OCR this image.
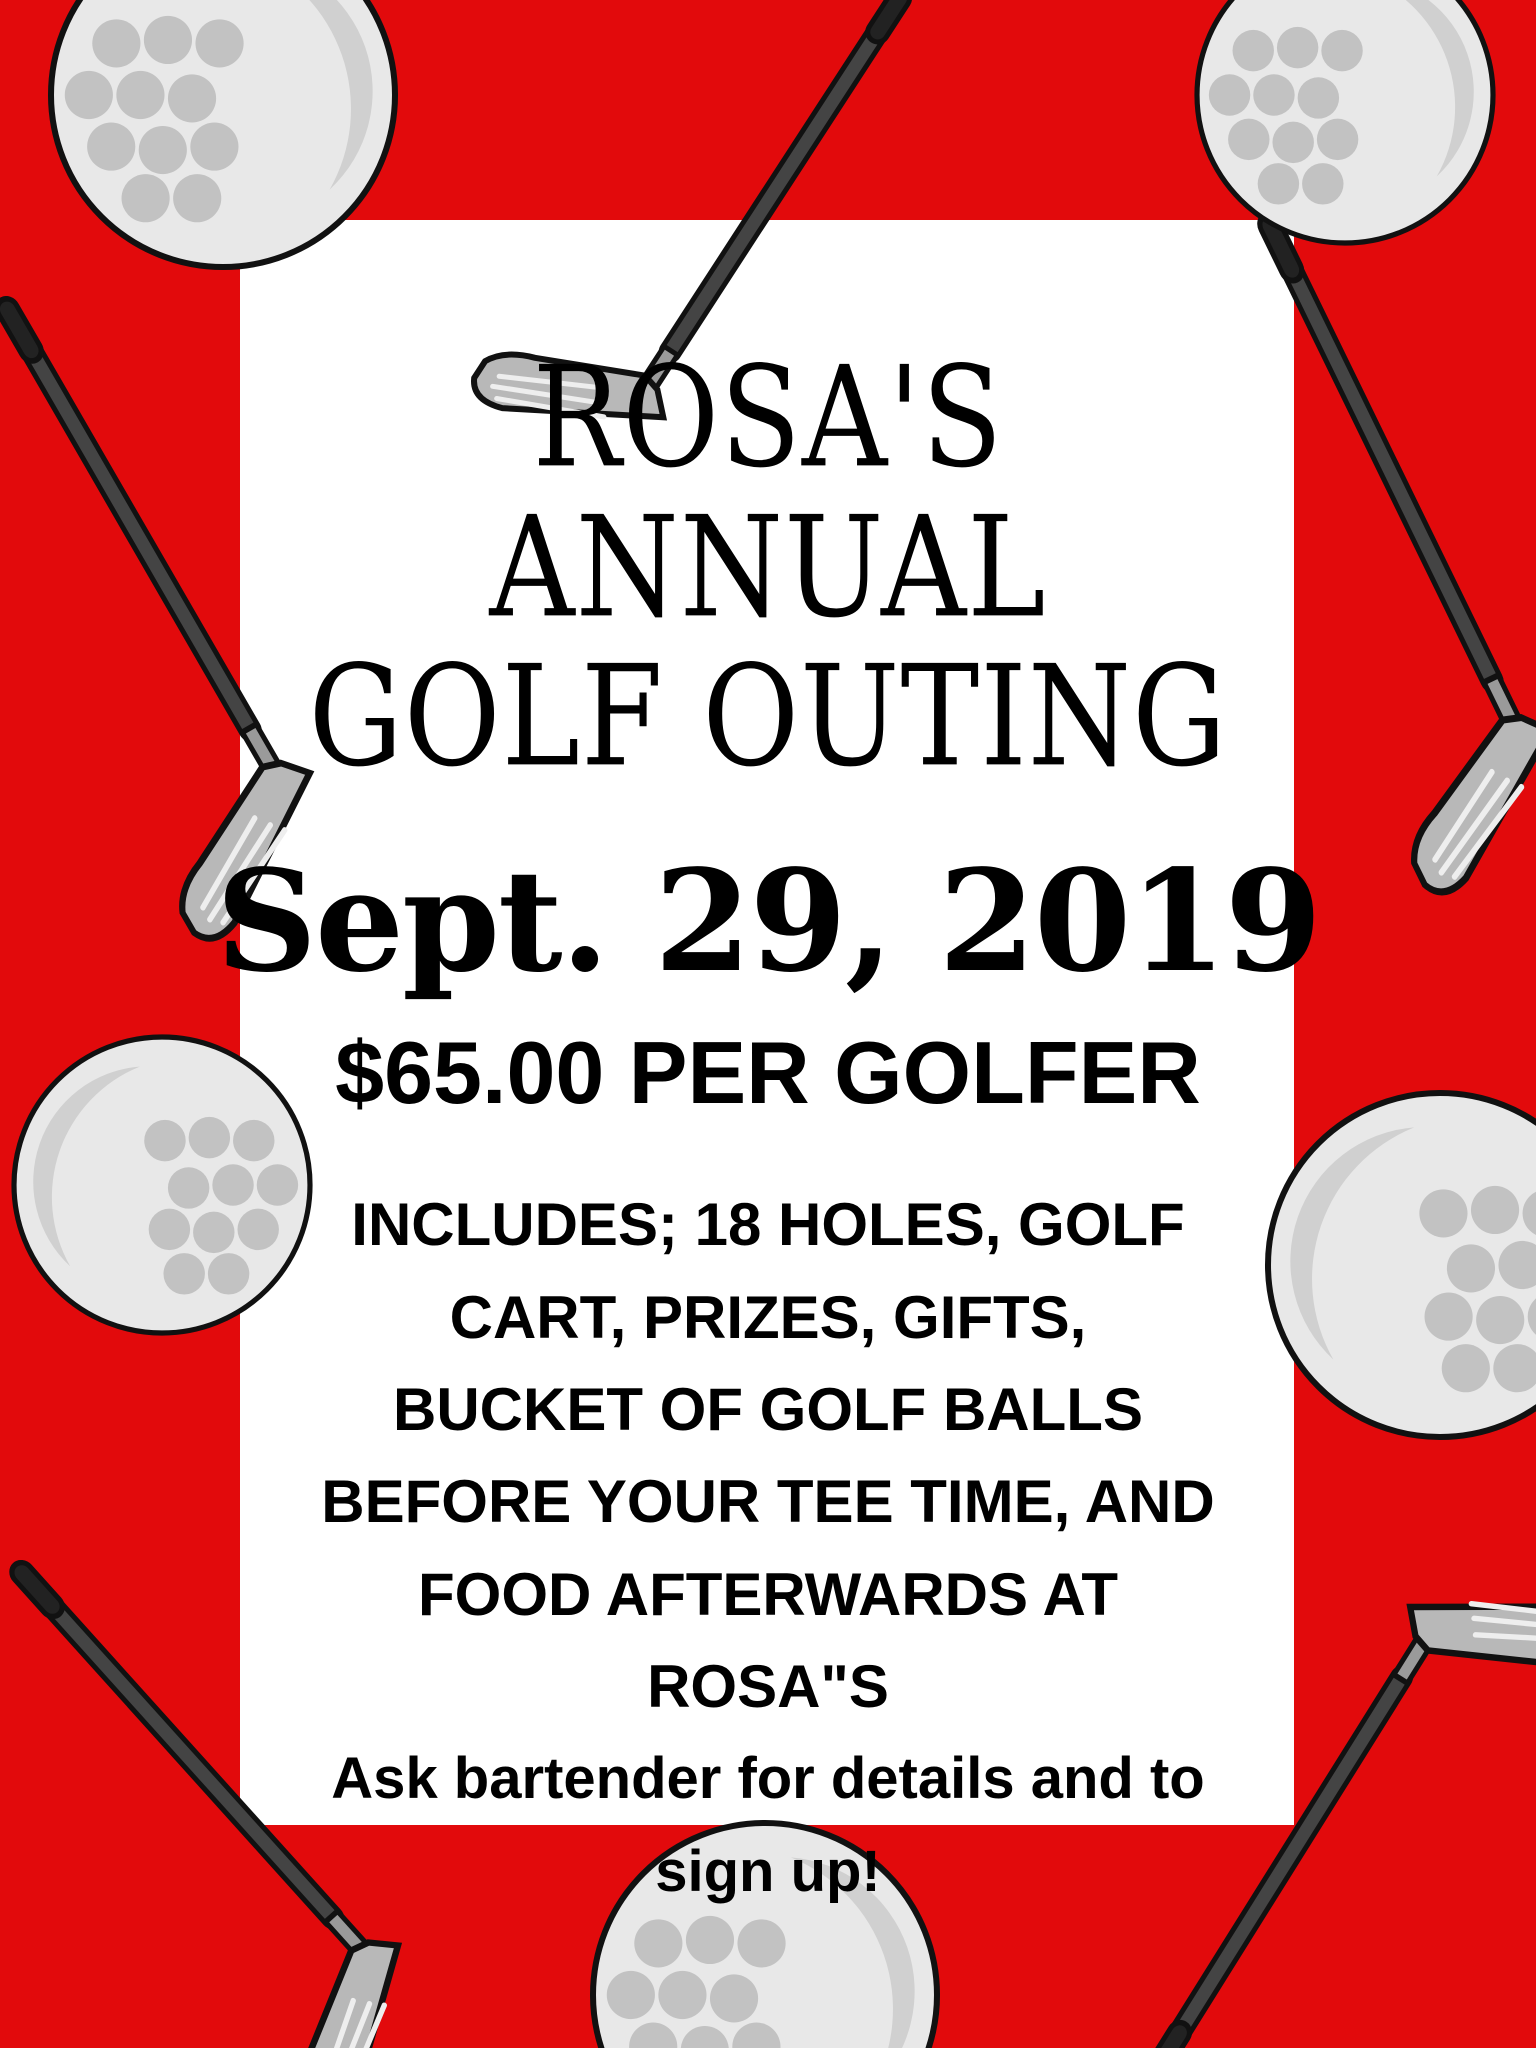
ROSA'S
ANNUAL
GOLF OUTING
Sept. 29, 2019
$65.00 PER GOLFER
INCLUDES; 18 HOLES, GOLF
CART, PRIZES, GIFTS,
BUCKET OF GOLF BALLS
BEFORE YOUR TEE TIME, AND
FOOD AFTERWARDS AT
ROSA"S
Ask bartender for details and to
sign up!
